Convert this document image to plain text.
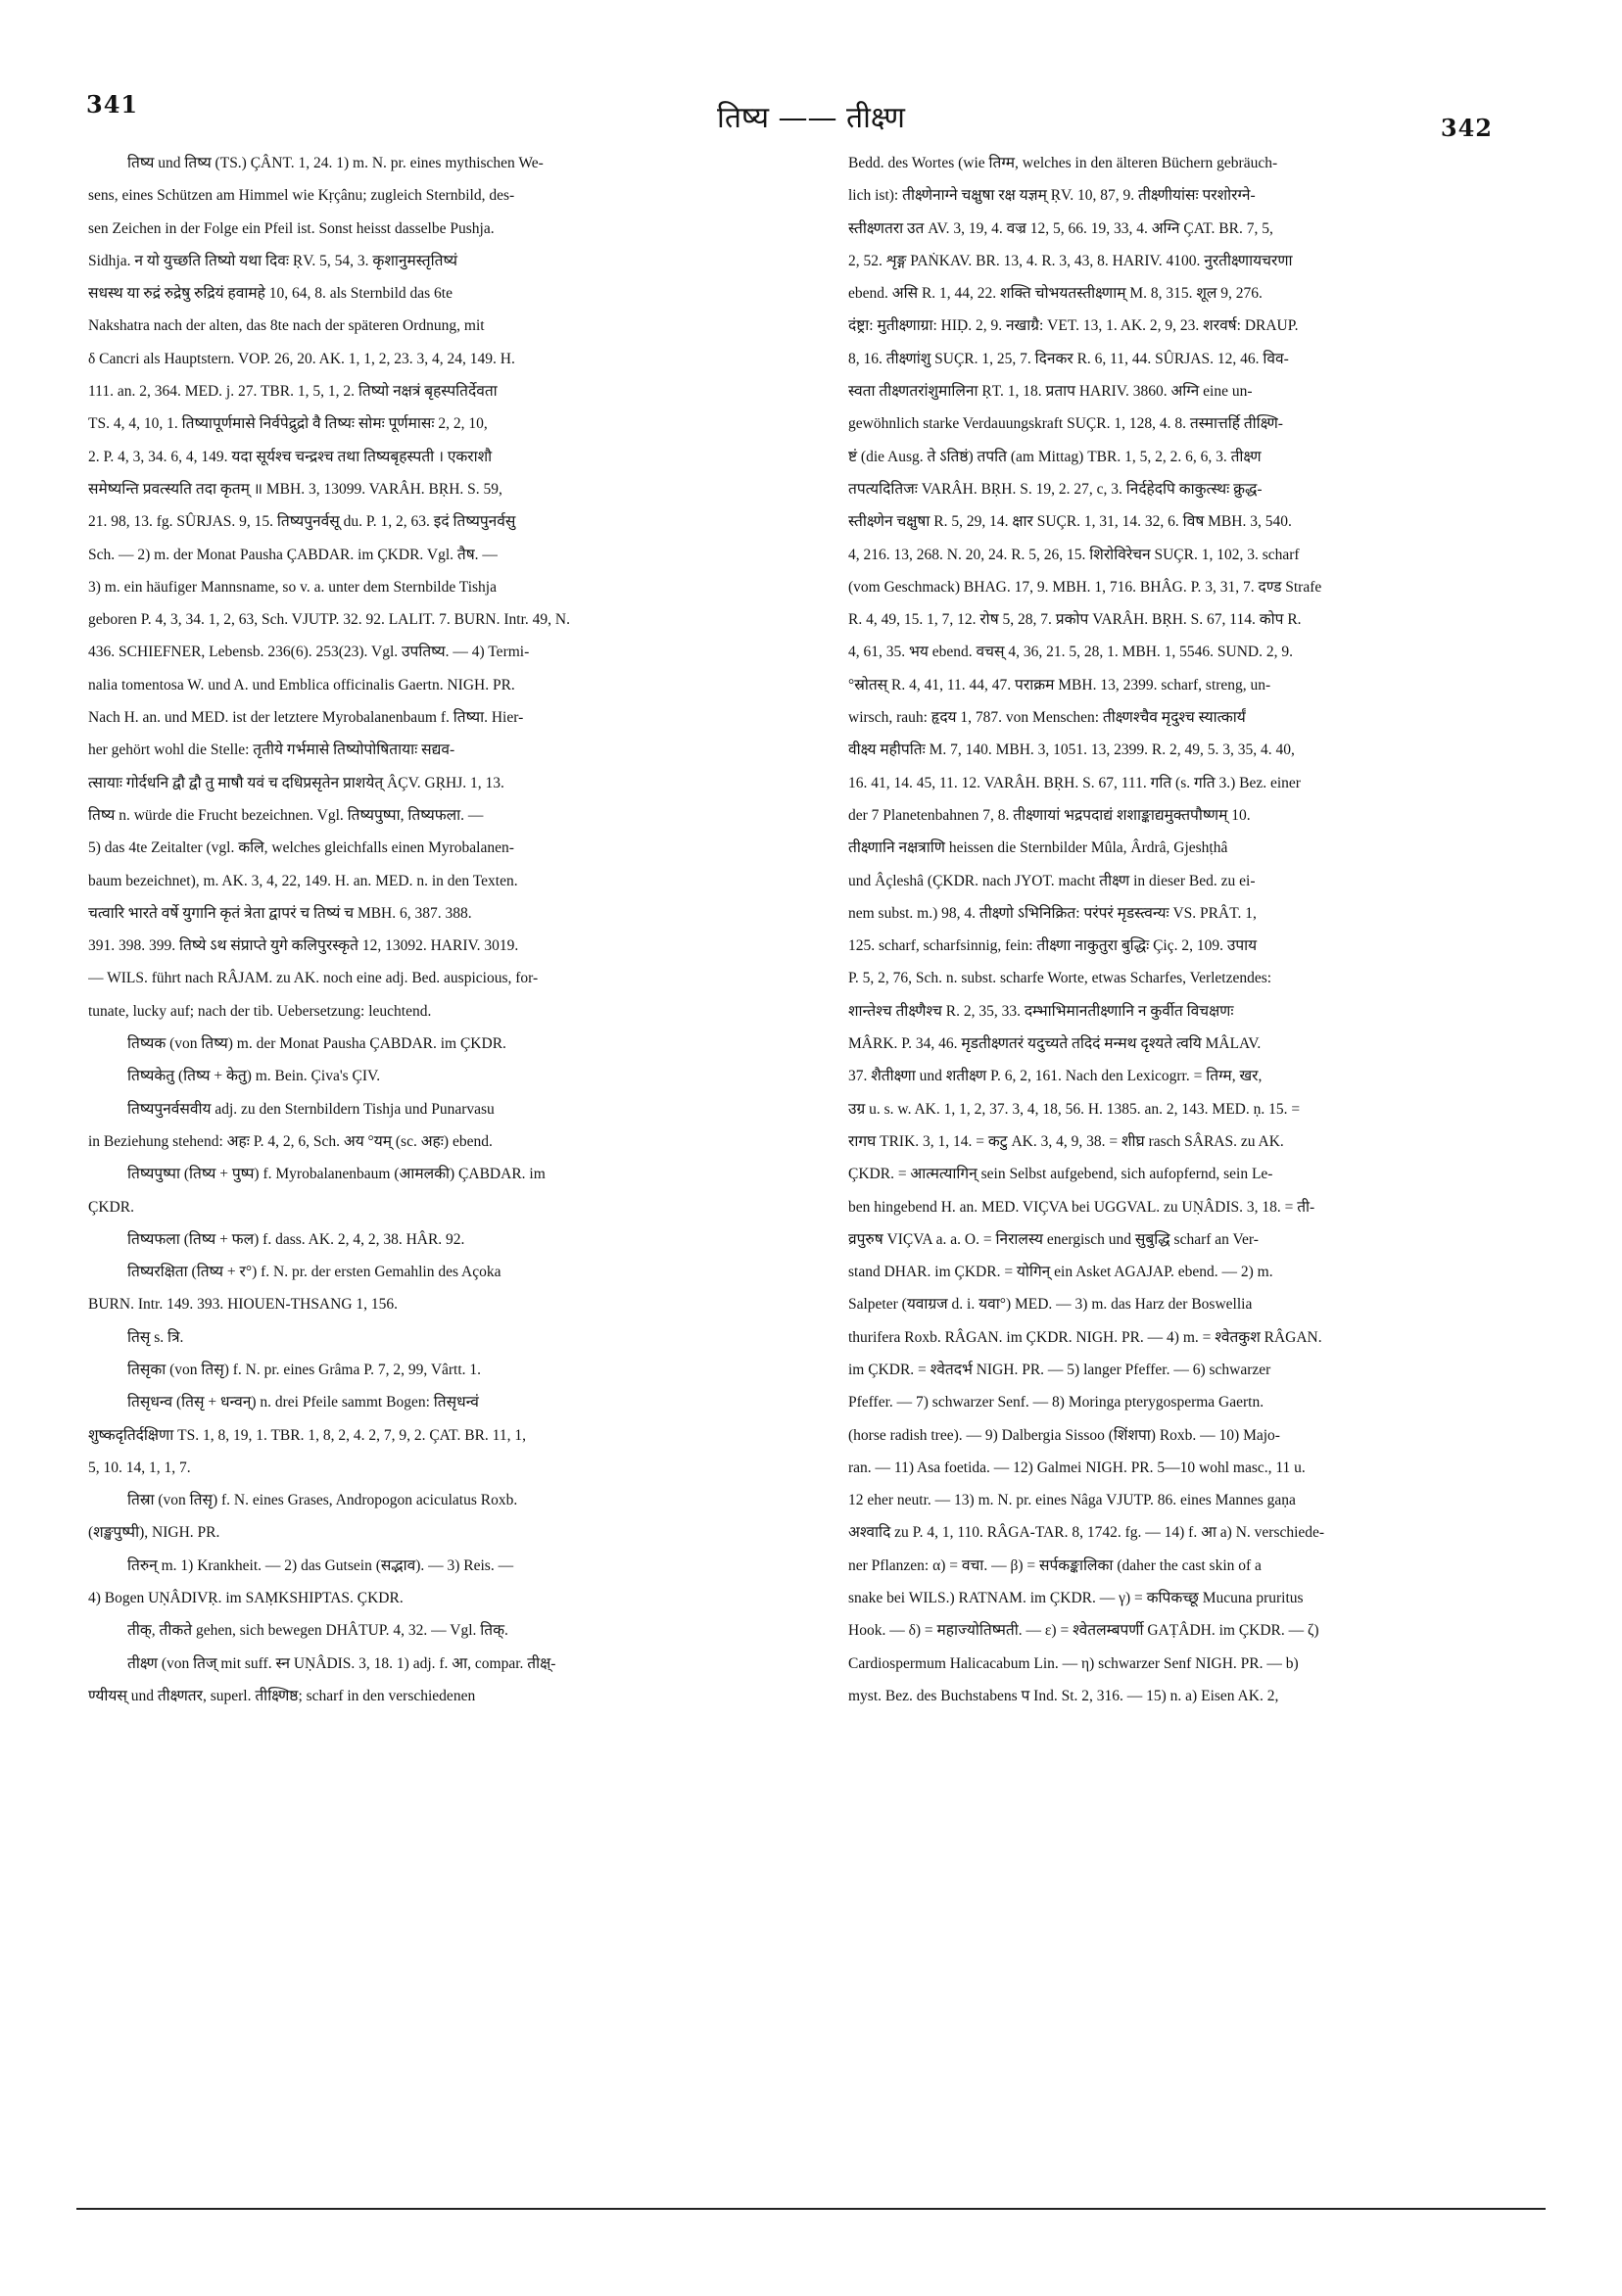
341	तिष्य —— तीक्ष्ण	342
तिष्य und तिष्य (TS.) ÇÂNT. 1, 24. 1) m. N. pr. eines mythischen We-
sens, eines Schützen am Himmel wie Kṛçânu; zugleich Sternbild, des-
sen Zeichen in der Folge ein Pfeil ist. Sonst heisst dasselbe Pushja.
Sidhja. न यो युच्छति तिष्यो यथा दिवः ṚV. 5, 54, 3. कृशानुमस्तृतिष्यं
सधस्थ या रुद्रं रुद्रेषु रुद्रियं हवामहे 10, 64, 8. als Sternbild das 6te
Nakshatra nach der alten, das 8te nach der späteren Ordnung, mit
δ Cancri als Hauptstern. VOP. 26, 20. AK. 1, 1, 2, 23. 3, 4, 24, 149. H.
111. an. 2, 364. MED. j. 27. TBR. 1, 5, 1, 2. तिष्यो नक्षत्रं बृहस्पतिर्देवता
TS. 4, 4, 10, 1. तिष्यापूर्णमासे निर्वपेद्रुद्रो वै तिष्यः सोमः पूर्णमासः 2, 2, 10,
2. P. 4, 3, 34. 6, 4, 149. यदा सूर्यश्च चन्द्रश्च तथा तिष्यबृहस्पती । एकराशौ
समेष्यन्ति प्रवत्स्यति तदा कृतम् ॥ MBH. 3, 13099. VARÂH. BṚH. S. 59,
21. 98, 13. fg. SÛRJAS. 9, 15. तिष्यपुनर्वसू du. P. 1, 2, 63. इदं तिष्यपुनर्वसु
Sch. — 2) m. der Monat Pausha ÇABDAR. im ÇKDR. Vgl. तैष. —
3) m. ein häufiger Mannsname, so v. a. unter dem Sternbilde Tishja
geboren P. 4, 3, 34. 1, 2, 63, Sch. VJUTP. 32. 92. LALIT. 7. BURN. Intr. 49, N.
436. SCHIEFNER, Lebensb. 236(6). 253(23). Vgl. उपतिष्य. — 4) Termi-
nalia tomentosa W. und A. und Emblica officinalis Gaertn. NIGH. PR.
Nach H. an. und MED. ist der letztere Myrobalanenbaum f. तिष्या. Hier-
her gehört wohl die Stelle: तृतीये गर्भमासे तिष्योपोषितायाः सद्यव-
त्सायाः गोर्दधनि द्वौ द्वौ तु माषौ यवं च दधिप्रसृतेन प्राशयेत् ÂÇV. GṚHJ. 1, 13.
तिष्य n. würde die Frucht bezeichnen. Vgl. तिष्यपुष्पा, तिष्यफला. —
5) das 4te Zeitalter (vgl. कलि, welches gleichfalls einen Myrobalanen-
baum bezeichnet), m. AK. 3, 4, 22, 149. H. an. MED. n. in den Texten.
चत्वारि भारते वर्षे युगानि कृतं त्रेता द्वापरं च तिष्यं च MBH. 6, 387. 388.
391. 398. 399. तिष्ये ऽथ संप्राप्ते युगे कलिपुरस्कृते 12, 13092. HARIV. 3019.
— WILS. führt nach RÂJAM. zu AK. noch eine adj. Bed. auspicious, for-
tunate, lucky auf; nach der tib. Uebersetzung: leuchtend.
तिष्यक (von तिष्य) m. der Monat Pausha ÇABDAR. im ÇKDR.
तिष्यकेतु (तिष्य + केतु) m. Bein. Çiva's ÇIV.
तिष्यपुनर्वसवीय adj. zu den Sternbildern Tishja und Punarvasu
in Beziehung stehend: अहः P. 4, 2, 6, Sch. अय °यम् (sc. अहः) ebend.
तिष्यपुष्पा (तिष्य + पुष्प) f. Myrobalanenbaum (आमलकी) ÇABDAR. im
ÇKDR.
तिष्यफला (तिष्य + फल) f. dass. AK. 2, 4, 2, 38. HÂR. 92.
तिष्यरक्षिता (तिष्य + र°) f. N. pr. der ersten Gemahlin des Açoka
BURN. Intr. 149. 393. HIOUEN-THSANG 1, 156.
तिसृ s. त्रि.
तिसृका (von तिसृ) f. N. pr. eines Grâma P. 7, 2, 99, Vârtt. 1.
तिसृधन्व (तिसृ + धन्वन्) n. drei Pfeile sammt Bogen: तिसृधन्वं
शुष्कदृतिर्दक्षिणा TS. 1, 8, 19, 1. TBR. 1, 8, 2, 4. 2, 7, 9, 2. ÇAT. BR. 11, 1,
5, 10. 14, 1, 1, 7.
तिस्रा (von तिसृ) f. N. eines Grases, Andropogon aciculatus Roxb.
(शङ्खपुष्पी), NIGH. PR.
तिरुन् m. 1) Krankheit. — 2) das Gutsein (सद्भाव). — 3) Reis. —
4) Bogen UṆÂDIVṚ. im SAṂKSHIPTAS. ÇKDR.
तीक्, तीकते gehen, sich bewegen DHÂTUP. 4, 32. — Vgl. तिक्.
तीक्ष्ण (von तिज् mit suff. स्न UṆÂDIS. 3, 18. 1) adj. f. आ, compar. तीक्ष्-
ण्यीयस् und तीक्ष्णतर, superl. तीक्ष्णिष्ठ; scharf in den verschiedenen
Bedd. des Wortes (wie तिग्म, welches in den älteren Büchern gebräuch-
lich ist): तीक्ष्णेनाग्ने चक्षुषा रक्ष यज्ञम् ṚV. 10, 87, 9. तीक्ष्णीयांसः परशोरग्ने-
स्तीक्ष्णतरा उत AV. 3, 19, 4. वज्र 12, 5, 66. 19, 33, 4. अग्नि ÇAT. BR. 7, 5,
2, 52. शृङ्ग PAṄKAV. BR. 13, 4. R. 3, 43, 8. HARIV. 4100. नुरतीक्ष्णायचरणा
ebend. असि R. 1, 44, 22. शक्ति चोभयतस्तीक्ष्णाम् M. 8, 315. शूल 9, 276.
दंष्ट्रा: मुतीक्ष्णाग्रा: HIḌ. 2, 9. नखाग्रै: VET. 13, 1. AK. 2, 9, 23. शरवर्ष: DRAUP.
8, 16. तीक्ष्णांशु SUÇR. 1, 25, 7. दिनकर R. 6, 11, 44. SÛRJAS. 12, 46. विव-
स्वता तीक्ष्णतरांशुमालिना ṚT. 1, 18. प्रताप HARIV. 3860. अग्नि eine un-
gewöhnlich starke Verdauungskraft SUÇR. 1, 128, 4. 8. तस्मात्तर्हि तीक्ष्णि-
ष्टं (die Ausg. ते ऽतिष्ठं) तपति (am Mittag) TBR. 1, 5, 2, 2. 6, 6, 3. तीक्ष्ण
तपत्यदितिजः VARÂH. BṚH. S. 19, 2. 27, c, 3. निर्दहेदपि काकुत्स्थः क्रुद्ध-
स्तीक्ष्णेन चक्षुषा R. 5, 29, 14. क्षार SUÇR. 1, 31, 14. 32, 6. विष MBH. 3, 540.
4, 216. 13, 268. N. 20, 24. R. 5, 26, 15. शिरोविरेचन SUÇR. 1, 102, 3. scharf
(vom Geschmack) BHAG. 17, 9. MBH. 1, 716. BHÂG. P. 3, 31, 7. दण्ड Strafe
R. 4, 49, 15. 1, 7, 12. रोष 5, 28, 7. प्रकोप VARÂH. BṚH. S. 67, 114. कोप R.
4, 61, 35. भय ebend. वचस् 4, 36, 21. 5, 28, 1. MBH. 1, 5546. SUND. 2, 9.
°स्रोतस् R. 4, 41, 11. 44, 47. पराक्रम MBH. 13, 2399. scharf, streng, un-
wirsch, rauh: हृदय 1, 787. von Menschen: तीक्ष्णश्चैव मृदुश्च स्यात्कार्यं
वीक्ष्य महीपतिः M. 7, 140. MBH. 3, 1051. 13, 2399. R. 2, 49, 5. 3, 35, 4. 40,
16. 41, 14. 45, 11. 12. VARÂH. BṚH. S. 67, 111. गति (s. गति 3.) Bez. einer
der 7 Planetenbahnen 7, 8. तीक्ष्णायां भद्रपदाद्यं शशाङ्काद्यमुक्तपौष्णम् 10.
तीक्ष्णानि नक्षत्राणि heissen die Sternbilder Mûla, Ârdrâ, Gjeshṭhâ
und Âçleshâ (ÇKDR. nach JYOT. macht तीक्ष्ण in dieser Bed. zu ei-
nem subst. m.) 98, 4. तीक्ष्णो ऽभिनिक्रित: परंपरं मृडस्त्वन्यः VS. PRÂT. 1,
125. scharf, scharfsinnig, fein: तीक्ष्णा नाकुतुरा बुद्धिः Çiç. 2, 109. उपाय
P. 5, 2, 76, Sch. n. subst. scharfe Worte, etwas Scharfes, Verletzendes:
शान्तेश्च तीक्ष्णैश्च R. 2, 35, 33. दम्भाभिमानतीक्ष्णानि न कुर्वीत विचक्षणः
MÂRK. P. 34, 46. मृडतीक्ष्णतरं यदुच्यते तदिदं मन्मथ दृश्यते त्वयि MÂLAV.
37. शैतीक्ष्णा und शतीक्ष्ण P. 6, 2, 161. Nach den Lexicogrr. = तिग्म, खर,
उग्र u. s. w. AK. 1, 1, 2, 37. 3, 4, 18, 56. H. 1385. an. 2, 143. MED. ṇ. 15. =
रागघ TRIK. 3, 1, 14. = कटु AK. 3, 4, 9, 38. = शीघ्र rasch SÂRAS. zu AK.
ÇKDR. = आत्मत्यागिन् sein Selbst aufgebend, sich aufopfernd, sein Le-
ben hingebend H. an. MED. VIÇVA bei UGGVAL. zu UṆÂDIS. 3, 18. = ती-
व्रपुरुष VIÇVA a. a. O. = निरालस्य energisch und सुबुद्धि scharf an Ver-
stand DHAR. im ÇKDR. = योगिन् ein Asket AGAJAP. ebend. — 2) m.
Salpeter (यवाग्रज d. i. यवा°) MED. — 3) m. das Harz der Boswellia
thurifera Roxb. RÂGAN. im ÇKDR. NIGH. PR. — 4) m. = श्वेतकुश RÂGAN.
im ÇKDR. = श्वेतदर्भ NIGH. PR. — 5) langer Pfeffer. — 6) schwarzer
Pfeffer. — 7) schwarzer Senf. — 8) Moringa pterygosperma Gaertn.
(horse radish tree). — 9) Dalbergia Sissoo (शिंशपा) Roxb. — 10) Majo-
ran. — 11) Asa foetida. — 12) Galmei NIGH. PR. 5—10 wohl masc., 11 u.
12 eher neutr. — 13) m. N. pr. eines Nâga VJUTP. 86. eines Mannes gaṇa
अश्वादि zu P. 4, 1, 110. RÂGA-TAR. 8, 1742. fg. — 14) f. आ a) N. verschiede-
ner Pflanzen: α) = वचा. — β) = सर्पकङ्कालिका (daher the cast skin of a
snake bei WILS.) RATNAM. im ÇKDR. — γ) = कपिकच्छू Mucuna pruritus
Hook. — δ) = महाज्योतिष्मती. — ε) = श्वेतलम्बपर्णी GAṬÂDH. im ÇKDR. — ζ)
Cardiospermum Halicacabum Lin. — η) schwarzer Senf NIGH. PR. — b)
myst. Bez. des Buchstabens प Ind. St. 2, 316. — 15) n. a) Eisen AK. 2,
